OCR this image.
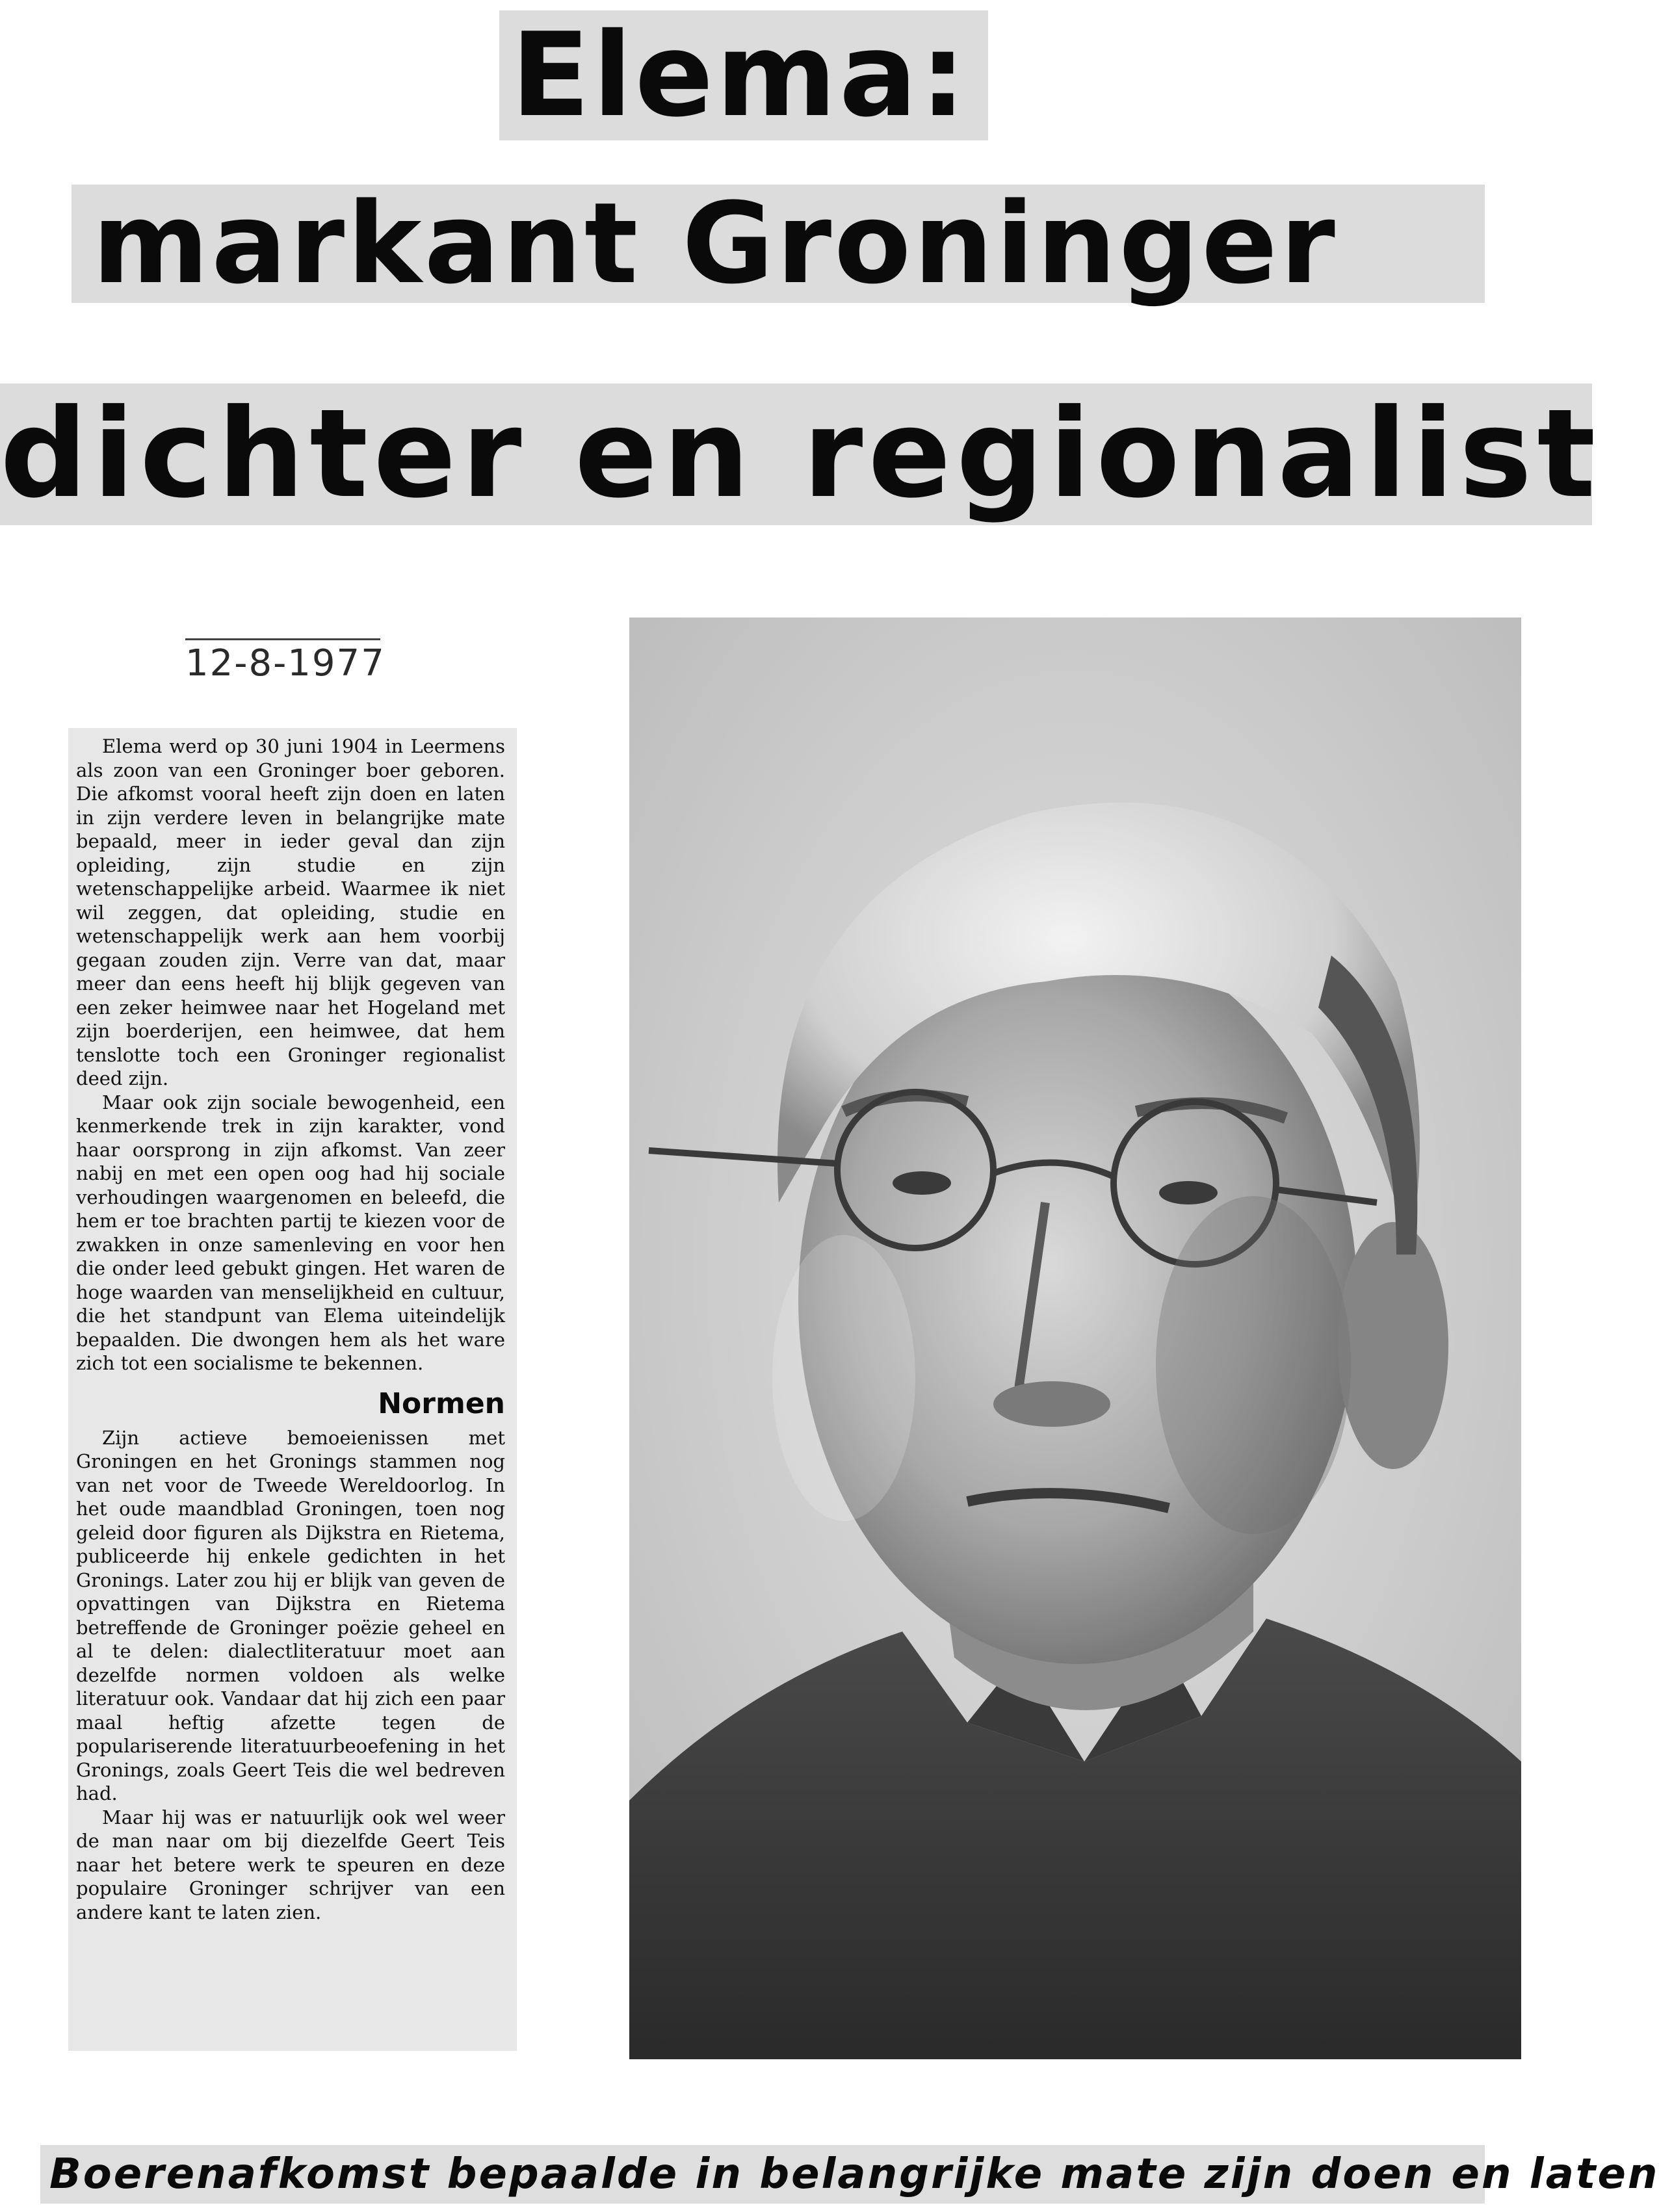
Elema:
markant Groninger
dichter en regionalist
12-8-1977

Elema werd op 30 juni 1904 in Leermens als zoon van een Groninger boer geboren. Die afkomst vooral heeft zijn doen en laten in zijn verdere leven in belangrijke mate bepaald, meer in ieder geval dan zijn opleiding, zijn studie en zijn wetenschappelijke arbeid. Waarmee ik niet wil zeggen, dat opleiding, studie en wetenschappelijk werk aan hem voorbij gegaan zouden zijn. Verre van dat, maar meer dan eens heeft hij blijk gegeven van een zeker heimwee naar het Hogeland met zijn boerderijen, een heimwee, dat hem tenslotte toch een Groninger regionalist deed zijn.

Maar ook zijn sociale bewogenheid, een kenmerkende trek in zijn karakter, vond haar oorsprong in zijn afkomst. Van zeer nabij en met een open oog had hij sociale verhoudingen waargenomen en beleefd, die hem er toe brachten partij te kiezen voor de zwakken in onze samenleving en voor hen die onder leed gebukt gingen. Het waren de hoge waarden van menselijkheid en cultuur, die het standpunt van Elema uiteindelijk bepaalden. Die dwongen hem als het ware zich tot een socialisme te bekennen.

Normen

Zijn actieve bemoeienissen met Groningen en het Gronings stammen nog van net voor de Tweede Wereldoorlog. In het oude maandblad Groningen, toen nog geleid door figuren als Dijkstra en Rietema, publiceerde hij enkele gedichten in het Gronings. Later zou hij er blijk van geven de opvattingen van Dijkstra en Rietema betreffende de Groninger poëzie geheel en al te delen: dialectliteratuur moet aan dezelfde normen voldoen als welke literatuur ook. Vandaar dat hij zich een paar maal heftig afzette tegen de populariserende literatuurbeoefening in het Gronings, zoals Geert Teis die wel bedreven had.

Maar hij was er natuurlijk ook wel weer de man naar om bij diezelfde Geert Teis naar het betere werk te speuren en deze populaire Groninger schrijver van een andere kant te laten zien.

Boerenafkomst bepaalde in belangrijke mate zijn doen en laten
